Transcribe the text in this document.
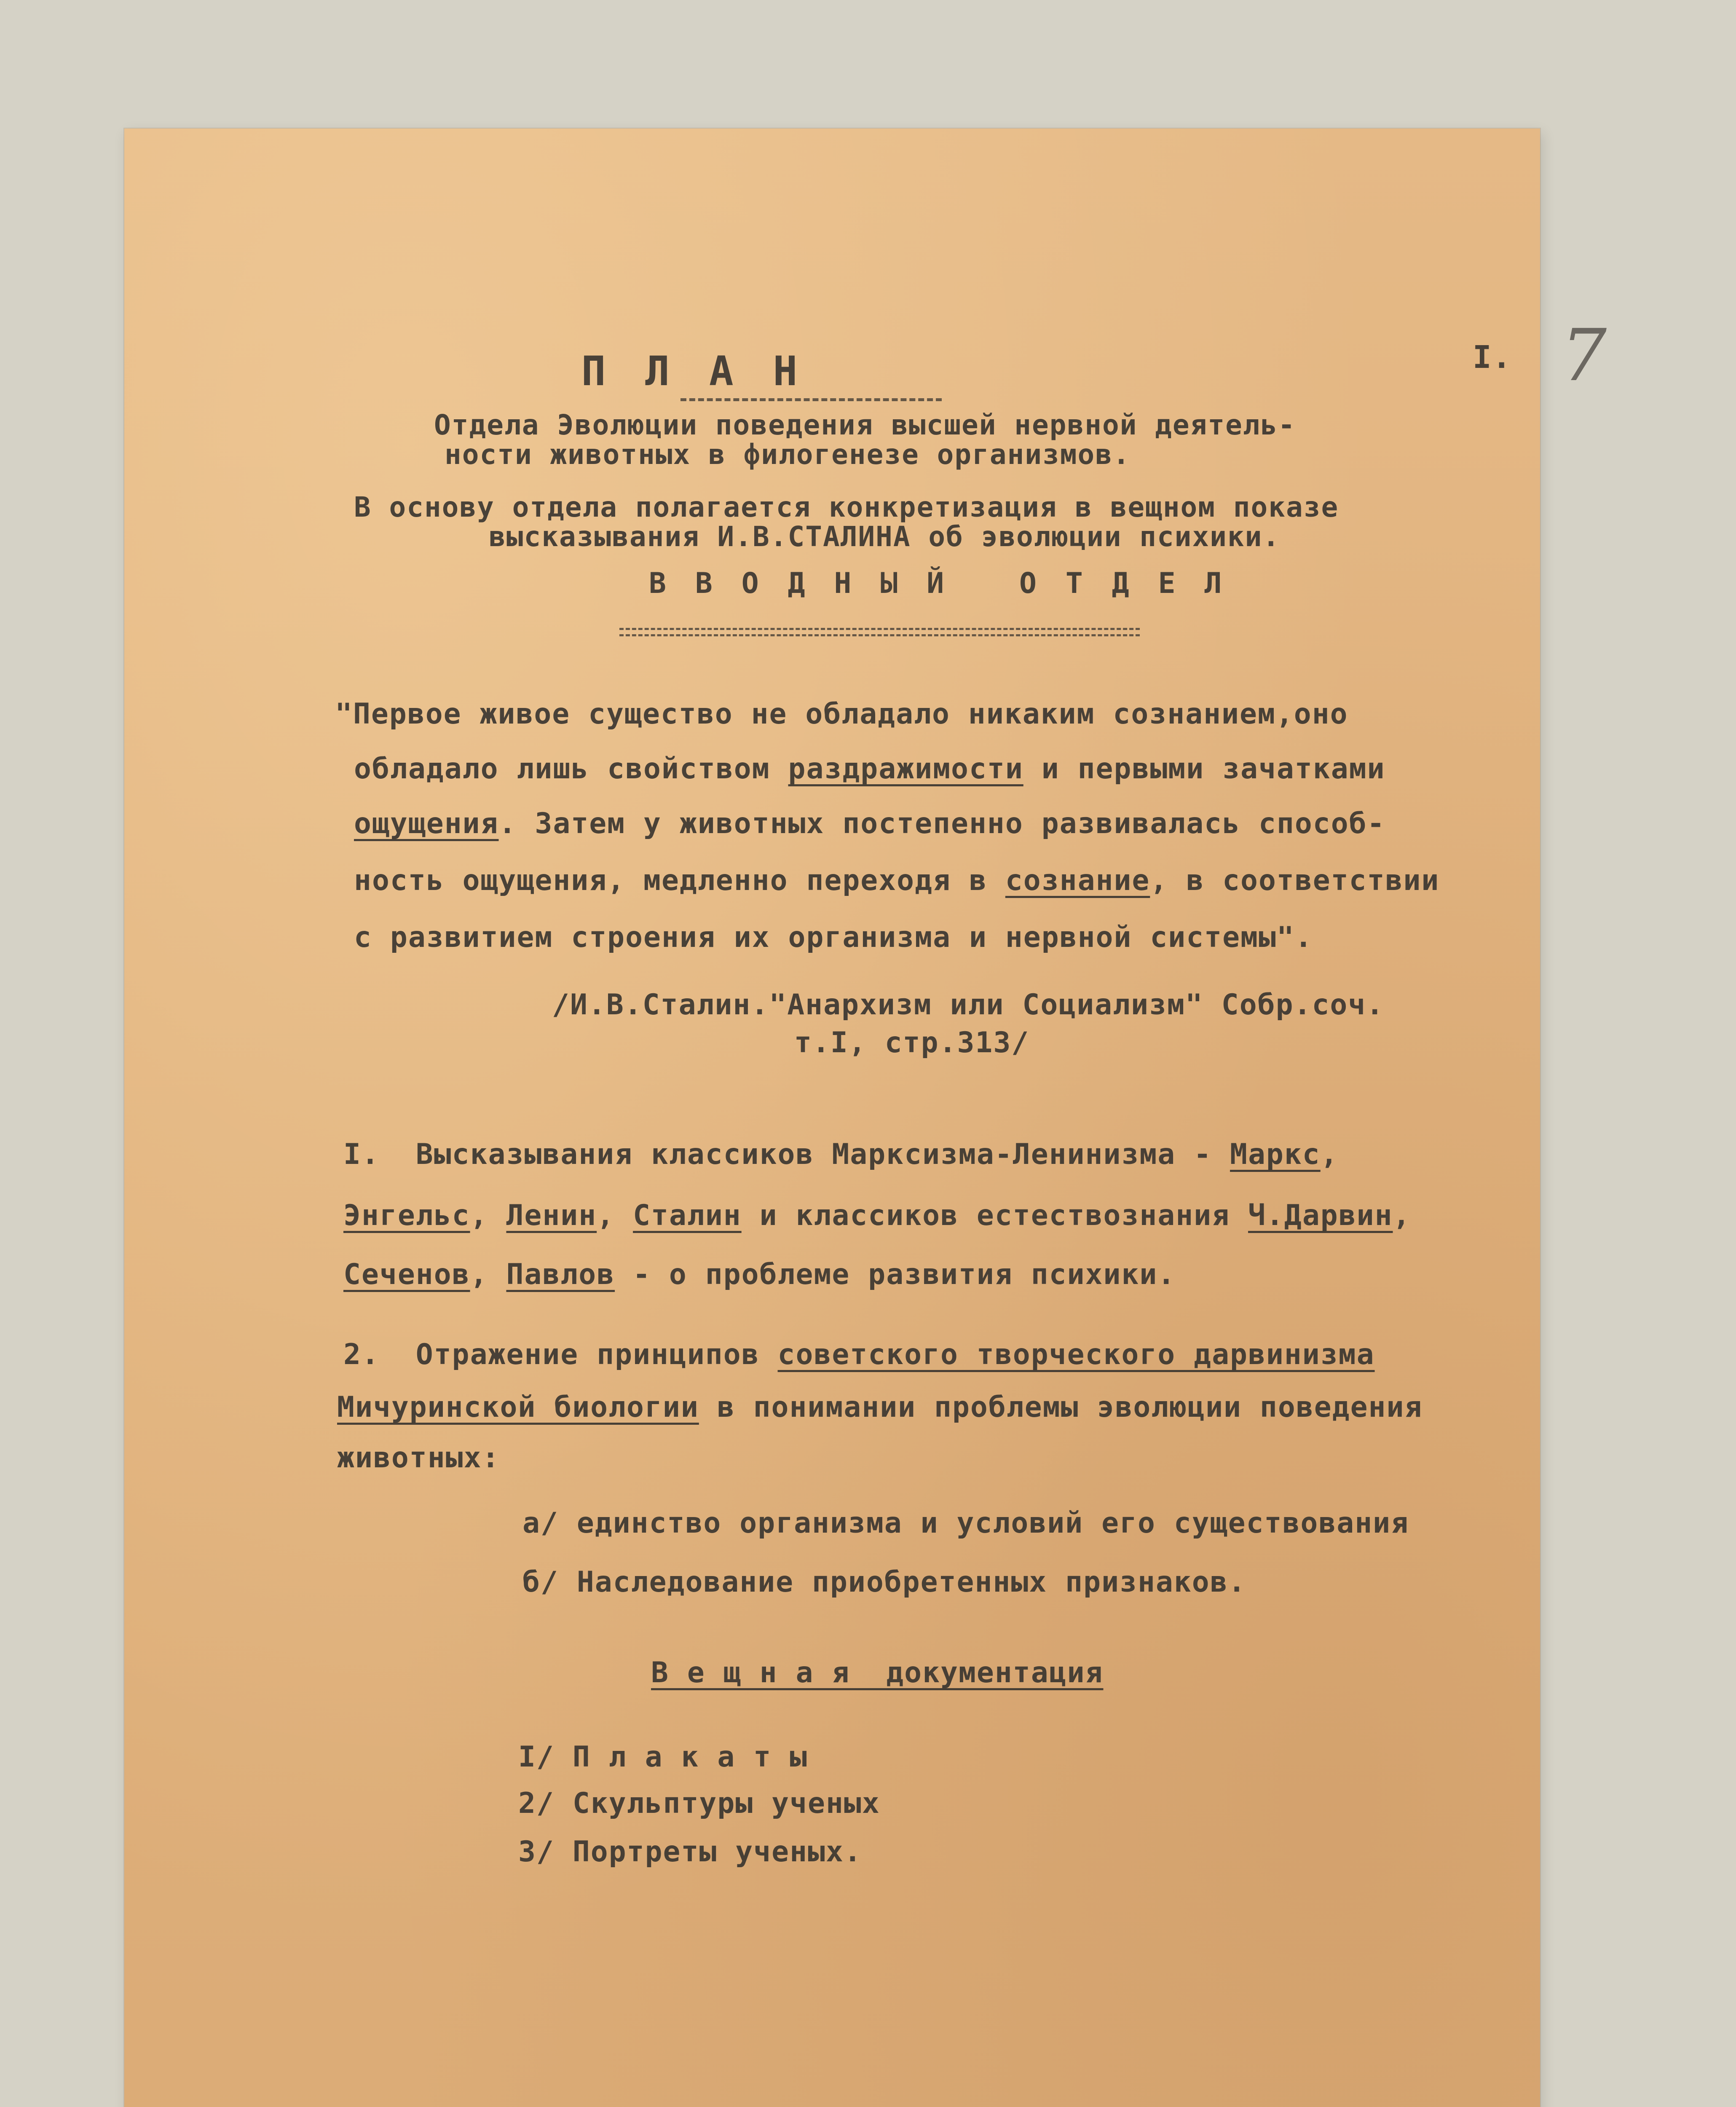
7
I.
П Л А Н
Отдела Эволюции поведения высшей нервной деятель-
ности животных в филогенезе организмов.
В основу отдела полагается конкретизация в вещном показе
высказывания И.В.СТАЛИНА об эволюции психики.
В В О Д Н Ы Й   О Т Д Е Л
"Первое живое существо не обладало никаким сознанием,оно
обладало лишь свойством раздражимости и первыми зачатками
ощущения. Затем у животных постепенно развивалась способ-
ность ощущения, медленно переходя в сознание, в соответствии
с развитием строения их организма и нервной системы".
/И.В.Сталин."Анархизм или Социализм" Собр.соч.
т.I, стр.313/
I.  Высказывания классиков Марксизма-Ленинизма - Маркс,
Энгельс, Ленин, Сталин и классиков естествознания Ч.Дарвин,
Сеченов, Павлов - о проблеме развития психики.
2.  Отражение принципов советского творческого дарвинизма
Мичуринской биологии в понимании проблемы эволюции поведения
животных:
а/ единство организма и условий его существования
б/ Наследование приобретенных признаков.
В е щ н а я  документация
I/ П л а к а т ы
2/ Скульптуры ученых
3/ Портреты ученых.
